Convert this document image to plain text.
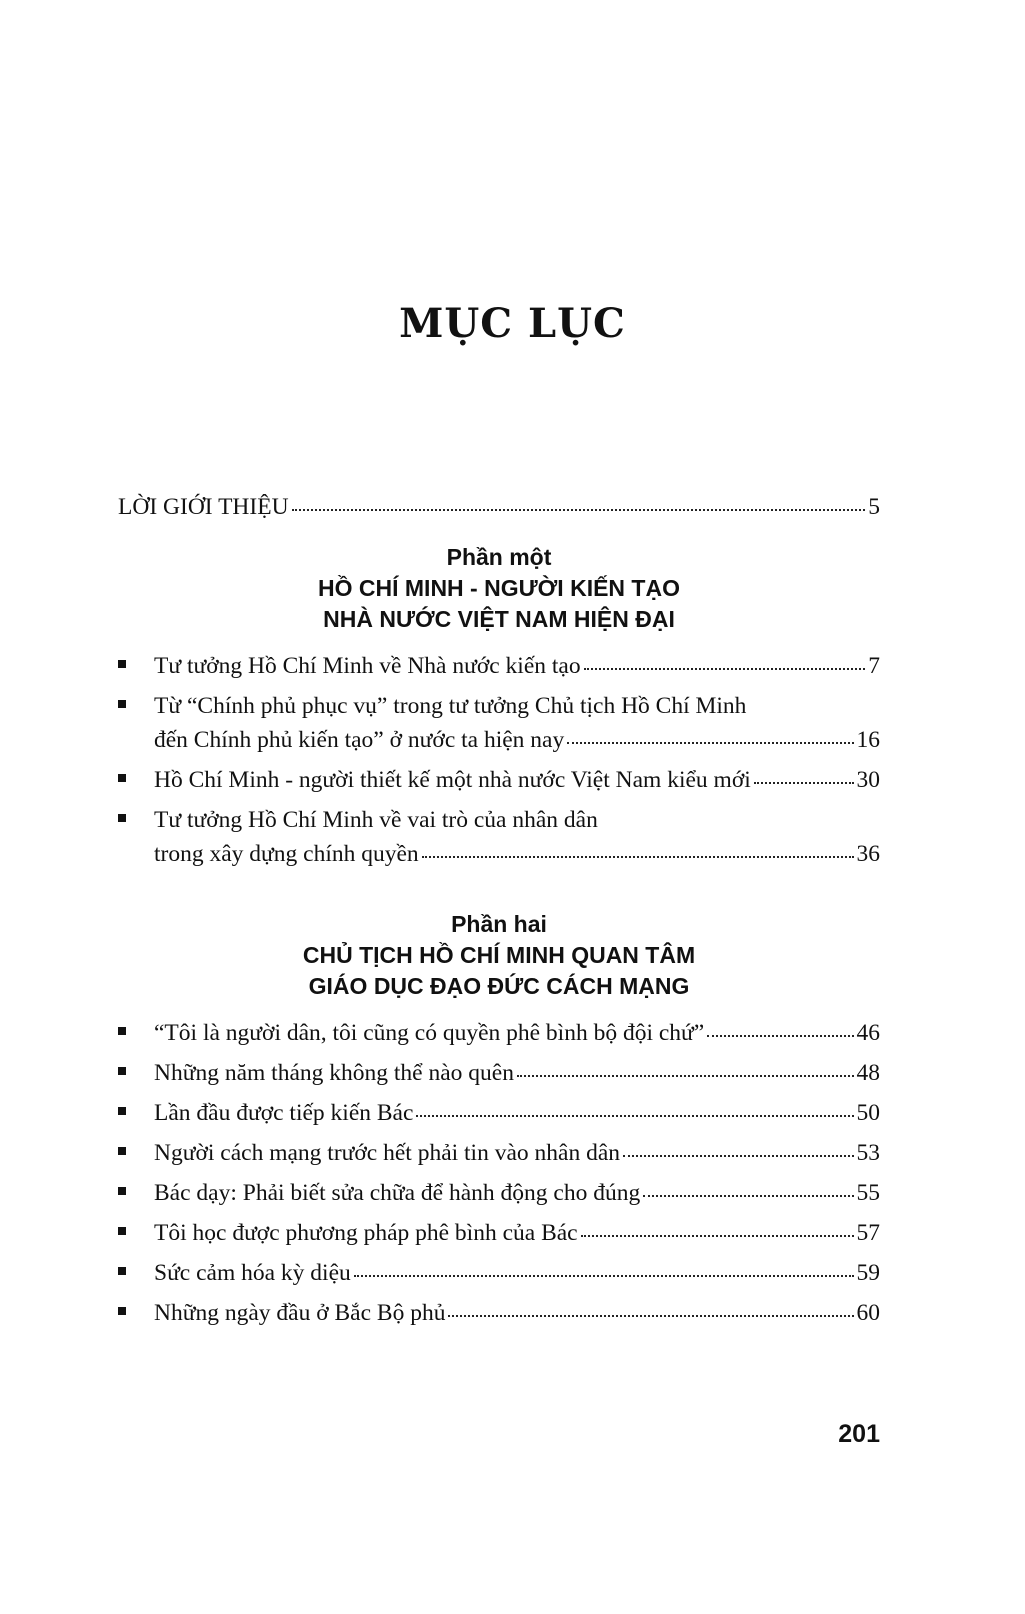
MỤC LỤC
LỜI GIỚI THIỆU	5
Phần một
HỒ CHÍ MINH - NGƯỜI KIẾN TẠO
NHÀ NƯỚC VIỆT NAM HIỆN ĐẠI
Tư tưởng Hồ Chí Minh về Nhà nước kiến tạo	7
Từ “Chính phủ phục vụ” trong tư tưởng Chủ tịch Hồ Chí Minh
đến Chính phủ kiến tạo” ở nước ta hiện nay	16
Hồ Chí Minh - người thiết kế một nhà nước Việt Nam kiểu mới	30
Tư tưởng Hồ Chí Minh về vai trò của nhân dân
trong xây dựng chính quyền	36
Phần hai
CHỦ TỊCH HỒ CHÍ MINH QUAN TÂM
GIÁO DỤC ĐẠO ĐỨC CÁCH MẠNG
“Tôi là người dân, tôi cũng có quyền phê bình bộ đội chứ”	46
Những năm tháng không thể nào quên	48
Lần đầu được tiếp kiến Bác	50
Người cách mạng trước hết phải tin vào nhân dân	53
Bác dạy: Phải biết sửa chữa để hành động cho đúng	55
Tôi học được phương pháp phê bình của Bác	57
Sức cảm hóa kỳ diệu	59
Những ngày đầu ở Bắc Bộ phủ	60
201
